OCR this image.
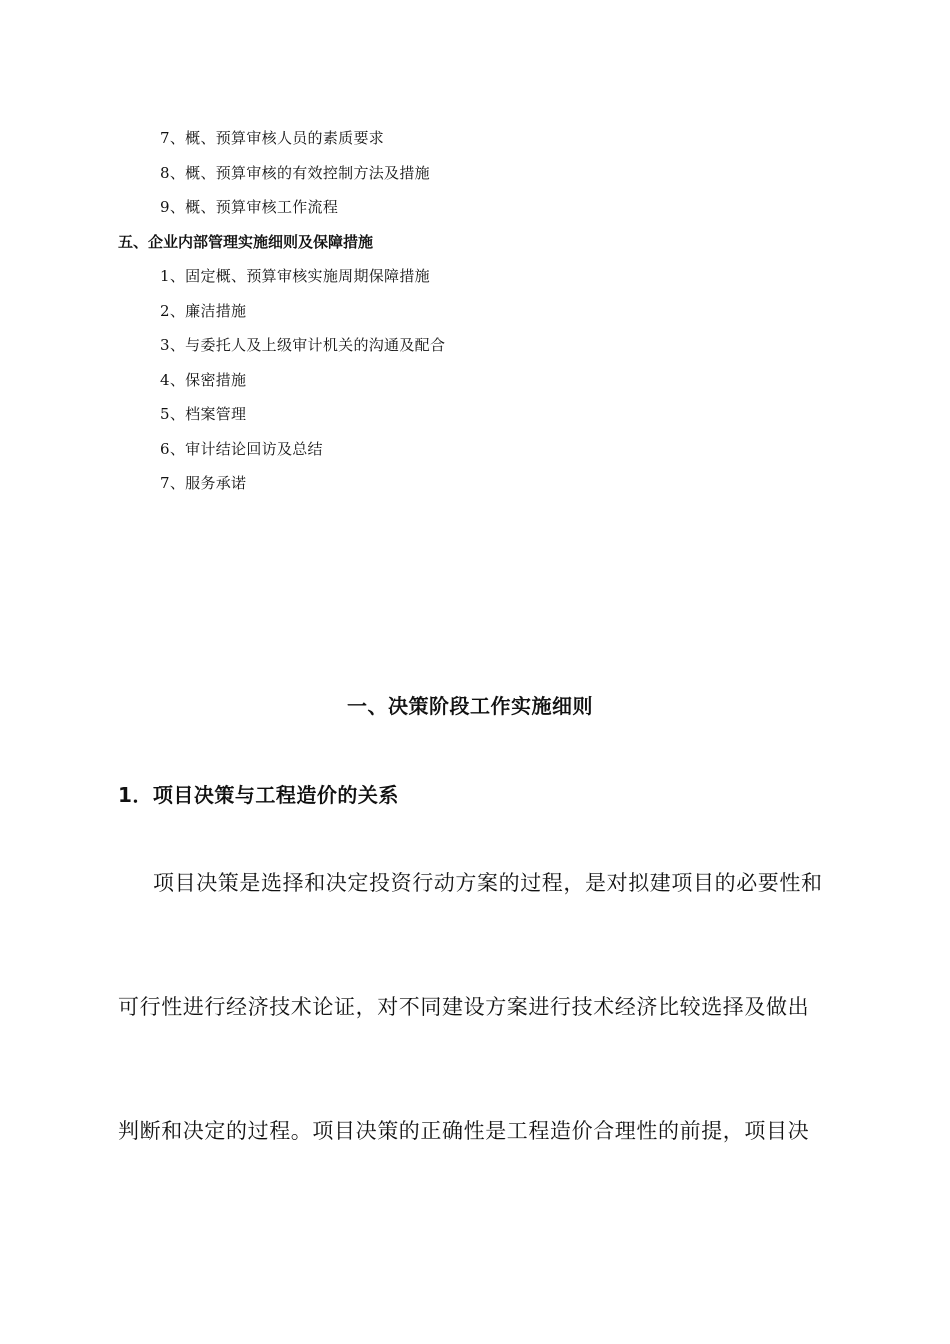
7、概、预算审核人员的素质要求
8、概、预算审核的有效控制方法及措施
9、概、预算审核工作流程
五、企业内部管理实施细则及保障措施
1、固定概、预算审核实施周期保障措施
2、廉洁措施
3、与委托人及上级审计机关的沟通及配合
4、保密措施
5、档案管理
6、审计结论回访及总结
7、服务承诺
一、决策阶段工作实施细则
1．项目决策与工程造价的关系
项目决策是选择和决定投资行动方案的过程，是对拟建项目的必要性和
可行性进行经济技术论证，对不同建设方案进行技术经济比较选择及做出
判断和决定的过程。项目决策的正确性是工程造价合理性的前提，项目决
